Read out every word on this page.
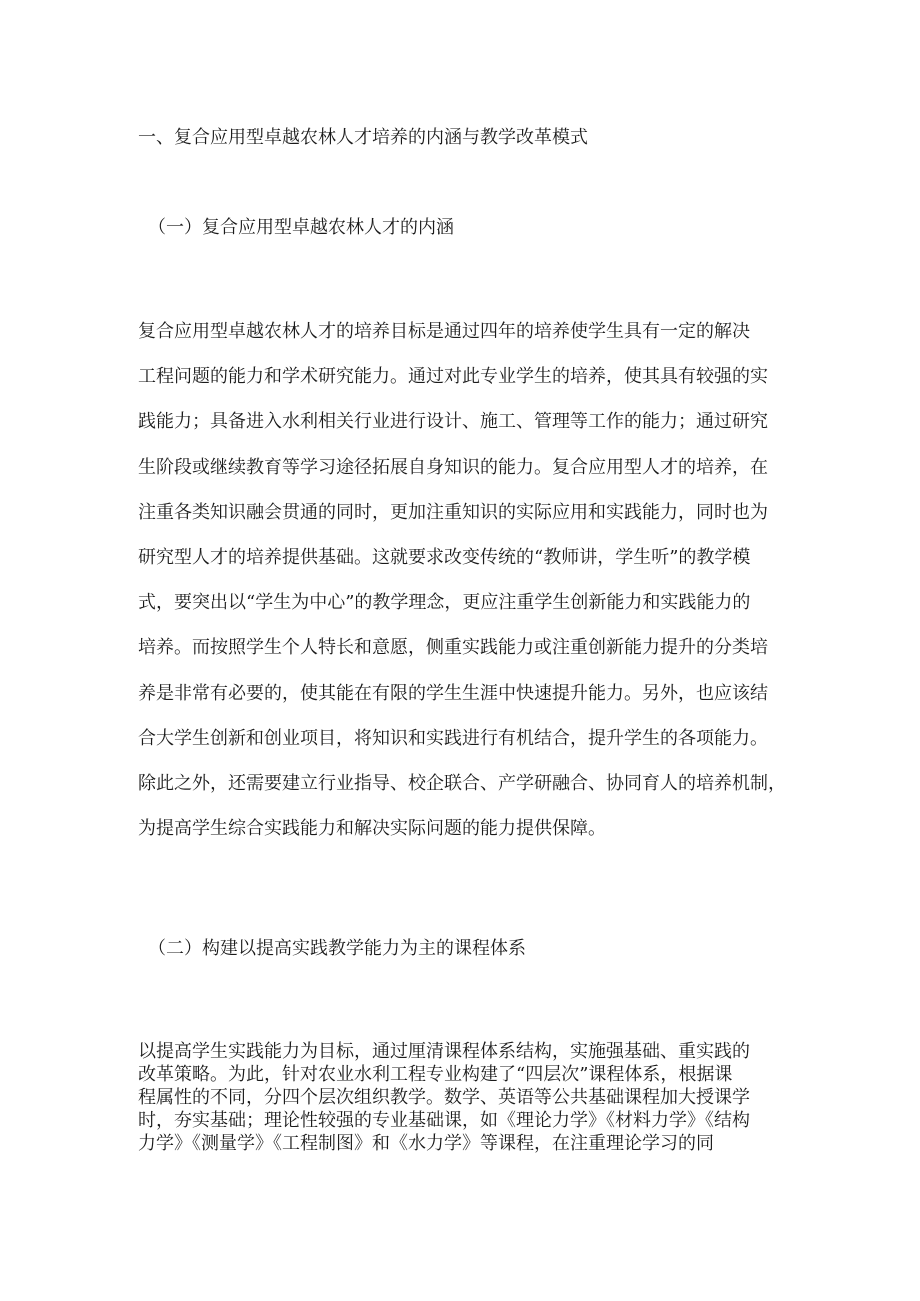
一、复合应用型卓越农林人才培养的内涵与教学改革模式
（一）复合应用型卓越农林人才的内涵
复合应用型卓越农林人才的培养目标是通过四年的培养使学生具有一定的解决
工程问题的能力和学术研究能力。通过对此专业学生的培养，使其具有较强的实
践能力；具备进入水利相关行业进行设计、施工、管理等工作的能力；通过研究
生阶段或继续教育等学习途径拓展自身知识的能力。复合应用型人才的培养，在
注重各类知识融会贯通的同时，更加注重知识的实际应用和实践能力，同时也为
研究型人才的培养提供基础。这就要求改变传统的“教师讲，学生听”的教学模
式，要突出以“学生为中心”的教学理念，更应注重学生创新能力和实践能力的
培养。而按照学生个人特长和意愿，侧重实践能力或注重创新能力提升的分类培
养是非常有必要的，使其能在有限的学生生涯中快速提升能力。另外，也应该结
合大学生创新和创业项目，将知识和实践进行有机结合，提升学生的各项能力。
除此之外，还需要建立行业指导、校企联合、产学研融合、协同育人的培养机制，
为提高学生综合实践能力和解决实际问题的能力提供保障。
（二）构建以提高实践教学能力为主的课程体系
以提高学生实践能力为目标，通过厘清课程体系结构，实施强基础、重实践的
改革策略。为此，针对农业水利工程专业构建了“四层次”课程体系，根据课
程属性的不同，分四个层次组织教学。数学、英语等公共基础课程加大授课学
时，夯实基础；理论性较强的专业基础课，如《理论力学》《材料力学》《结构
力学》《测量学》《工程制图》和《水力学》等课程，在注重理论学习的同
